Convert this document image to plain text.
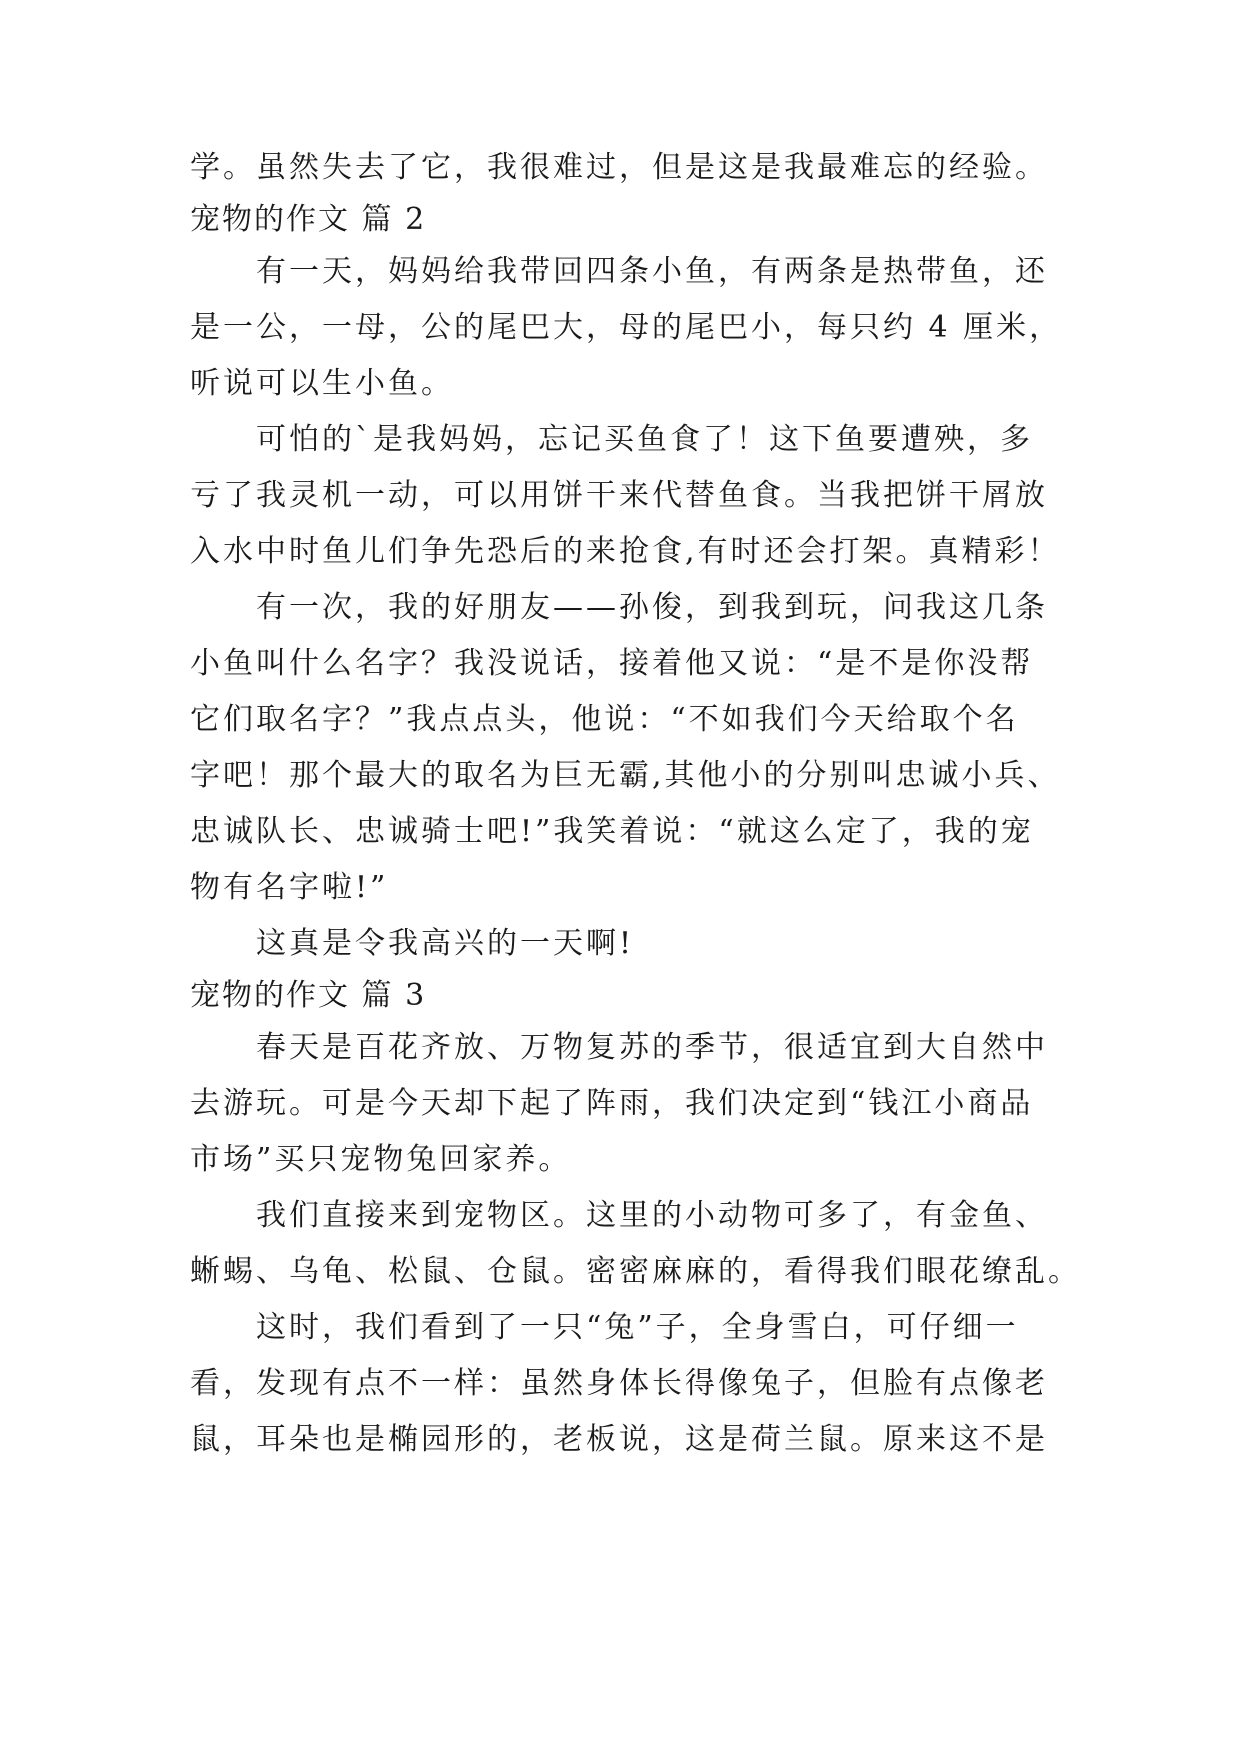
学。虽然失去了它，我很难过，但是这是我最难忘的经验。
宠物的作文 篇 2
有一天，妈妈给我带回四条小鱼，有两条是热带鱼，还
是一公，一母，公的尾巴大，母的尾巴小，每只约 4 厘米，
听说可以生小鱼。
可怕的`是我妈妈，忘记买鱼食了！这下鱼要遭殃，多
亏了我灵机一动，可以用饼干来代替鱼食。当我把饼干屑放
入水中时鱼儿们争先恐后的来抢食,有时还会打架。真精彩！
有一次，我的好朋友——孙俊，到我到玩，问我这几条
小鱼叫什么名字？我没说话，接着他又说：“是不是你没帮
它们取名字？”我点点头，他说：“不如我们今天给取个名
字吧！那个最大的取名为巨无霸,其他小的分别叫忠诚小兵、
忠诚队长、忠诚骑士吧!”我笑着说：“就这么定了，我的宠
物有名字啦!”
这真是令我高兴的一天啊!
宠物的作文 篇 3
春天是百花齐放、万物复苏的季节，很适宜到大自然中
去游玩。可是今天却下起了阵雨，我们决定到“钱江小商品
市场”买只宠物兔回家养。
我们直接来到宠物区。这里的小动物可多了，有金鱼、
蜥蜴、乌龟、松鼠、仓鼠。密密麻麻的，看得我们眼花缭乱。
这时，我们看到了一只“兔”子，全身雪白，可仔细一
看，发现有点不一样：虽然身体长得像兔子，但脸有点像老
鼠，耳朵也是椭园形的，老板说，这是荷兰鼠。原来这不是
